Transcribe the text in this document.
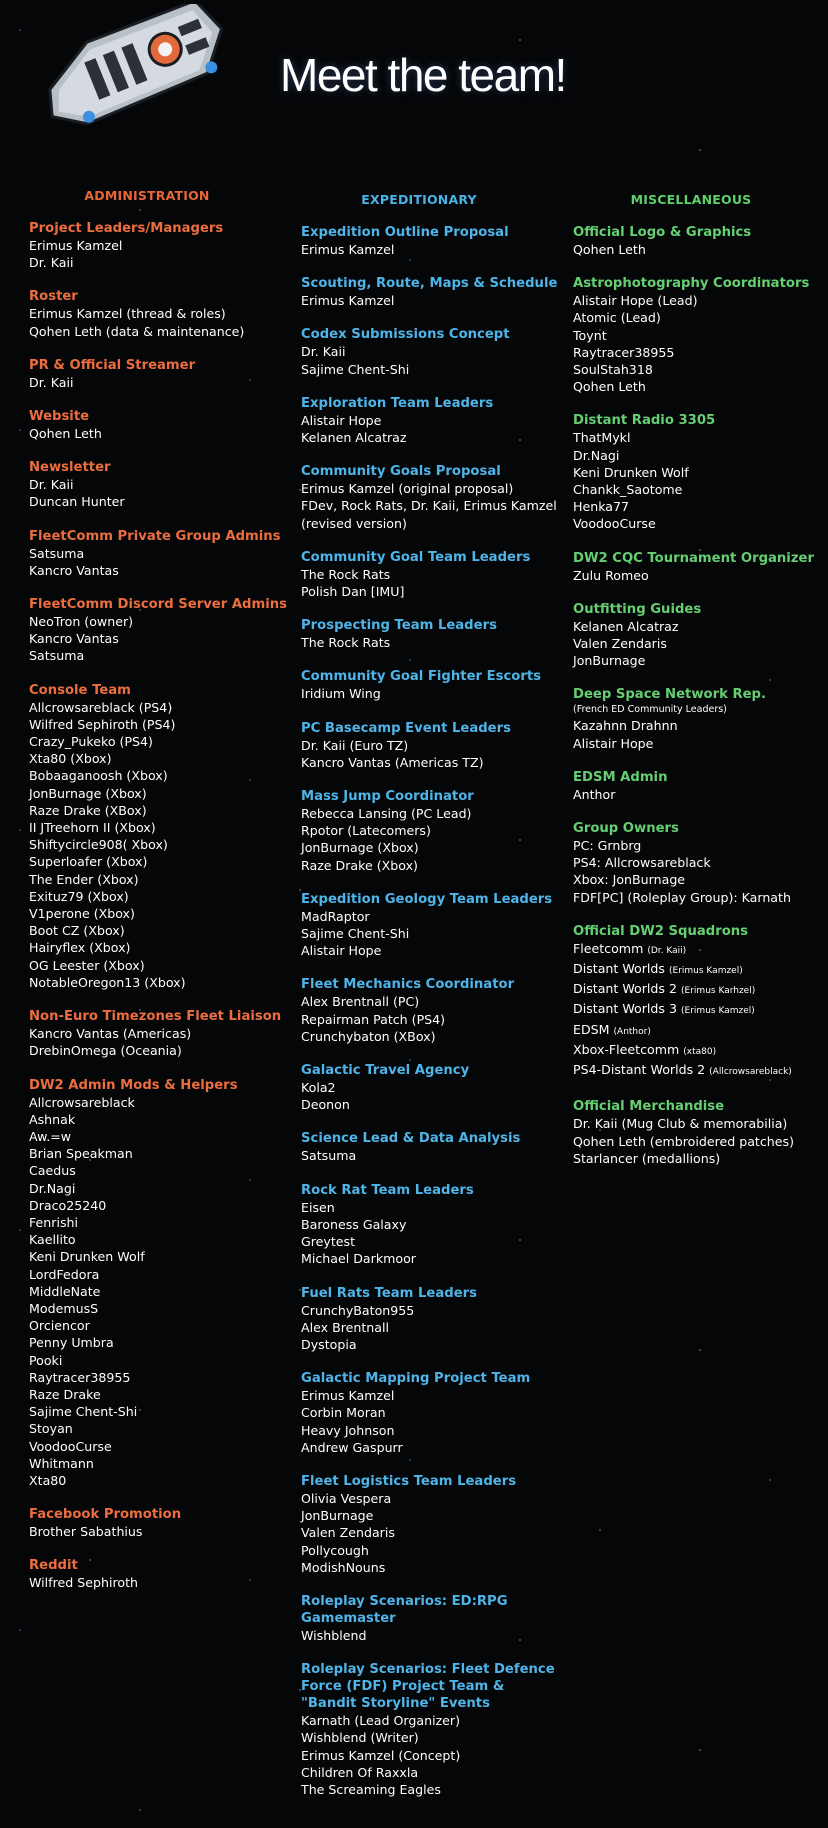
Meet the team!
ADMINISTRATION
Project Leaders/Managers
Erimus Kamzel
Dr. Kaii
Roster
Erimus Kamzel (thread & roles)
Qohen Leth (data & maintenance)
PR & Official Streamer
Dr. Kaii
Website
Qohen Leth
Newsletter
Dr. Kaii
Duncan Hunter
FleetComm Private Group Admins
Satsuma
Kancro Vantas
FleetComm Discord Server Admins
NeoTron (owner)
Kancro Vantas
Satsuma
Console Team
Allcrowsareblack (PS4)
Wilfred Sephiroth (PS4)
Crazy_Pukeko (PS4)
Xta80 (Xbox)
Bobaaganoosh (Xbox)
JonBurnage (Xbox)
Raze Drake (XBox)
II JTreehorn II (Xbox)
Shiftycircle908( Xbox)
Superloafer (Xbox)
The Ender (Xbox)
Exituz79 (Xbox)
V1perone (Xbox)
Boot CZ (Xbox)
Hairyflex (Xbox)
OG Leester (Xbox)
NotableOregon13 (Xbox)
Non-Euro Timezones Fleet Liaison
Kancro Vantas (Americas)
DrebinOmega (Oceania)
DW2 Admin Mods & Helpers
Allcrowsareblack
Ashnak
Aw.=w
Brian Speakman
Caedus
Dr.Nagi
Draco25240
Fenrishi
Kaellito
Keni Drunken Wolf
LordFedora
MiddleNate
ModemusS
Orciencor
Penny Umbra
Pooki
Raytracer38955
Raze Drake
Sajime Chent-Shi
Stoyan
VoodooCurse
Whitmann
Xta80
Facebook Promotion
Brother Sabathius
Reddit
Wilfred Sephiroth
EXPEDITIONARY
Expedition Outline Proposal
Erimus Kamzel
Scouting, Route, Maps & Schedule
Erimus Kamzel
Codex Submissions Concept
Dr. Kaii
Sajime Chent-Shi
Exploration Team Leaders
Alistair Hope
Kelanen Alcatraz
Community Goals Proposal
Erimus Kamzel (original proposal)
FDev, Rock Rats, Dr. Kaii, Erimus Kamzel (revised version)
Community Goal Team Leaders
The Rock Rats
Polish Dan [IMU]
Prospecting Team Leaders
The Rock Rats
Community Goal Fighter Escorts
Iridium Wing
PC Basecamp Event Leaders
Dr. Kaii (Euro TZ)
Kancro Vantas (Americas TZ)
Mass Jump Coordinator
Rebecca Lansing (PC Lead)
Rpotor (Latecomers)
JonBurnage (Xbox)
Raze Drake (Xbox)
Expedition Geology Team Leaders
MadRaptor
Sajime Chent-Shi
Alistair Hope
Fleet Mechanics Coordinator
Alex Brentnall (PC)
Repairman Patch (PS4)
Crunchybaton (XBox)
Galactic Travel Agency
Kola2
Deonon
Science Lead & Data Analysis
Satsuma
Rock Rat Team Leaders
Eisen
Baroness Galaxy
Greytest
Michael Darkmoor
Fuel Rats Team Leaders
CrunchyBaton955
Alex Brentnall
Dystopia
Galactic Mapping Project Team
Erimus Kamzel
Corbin Moran
Heavy Johnson
Andrew Gaspurr
Fleet Logistics Team Leaders
Olivia Vespera
JonBurnage
Valen Zendaris
Pollycough
ModishNouns
Roleplay Scenarios: ED:RPG Gamemaster
Wishblend
Roleplay Scenarios: Fleet Defence Force (FDF) Project Team & "Bandit Storyline" Events
Karnath (Lead Organizer)
Wishblend (Writer)
Erimus Kamzel (Concept)
Children Of Raxxla
The Screaming Eagles
MISCELLANEOUS
Official Logo & Graphics
Qohen Leth
Astrophotography Coordinators
Alistair Hope (Lead)
Atomic (Lead)
Toynt
Raytracer38955
SoulStah318
Qohen Leth
Distant Radio 3305
ThatMykl
Dr.Nagi
Keni Drunken Wolf
Chankk_Saotome
Henka77
VoodooCurse
DW2 CQC Tournament Organizer
Zulu Romeo
Outfitting Guides
Kelanen Alcatraz
Valen Zendaris
JonBurnage
Deep Space Network Rep.
(French ED Community Leaders)
Kazahnn Drahnn
Alistair Hope
EDSM Admin
Anthor
Group Owners
PC: Grnbrg
PS4: Allcrowsareblack
Xbox: JonBurnage
FDF[PC] (Roleplay Group): Karnath
Official DW2 Squadrons
Fleetcomm (Dr. Kaii)
Distant Worlds (Erimus Kamzel)
Distant Worlds 2 (Erimus Karhzel)
Distant Worlds 3 (Erimus Kamzel)
EDSM (Anthor)
Xbox-Fleetcomm (xta80)
PS4-Distant Worlds 2 (Allcrowsareblack)
Official Merchandise
Dr. Kaii (Mug Club & memorabilia)
Qohen Leth (embroidered patches)
Starlancer (medallions)
